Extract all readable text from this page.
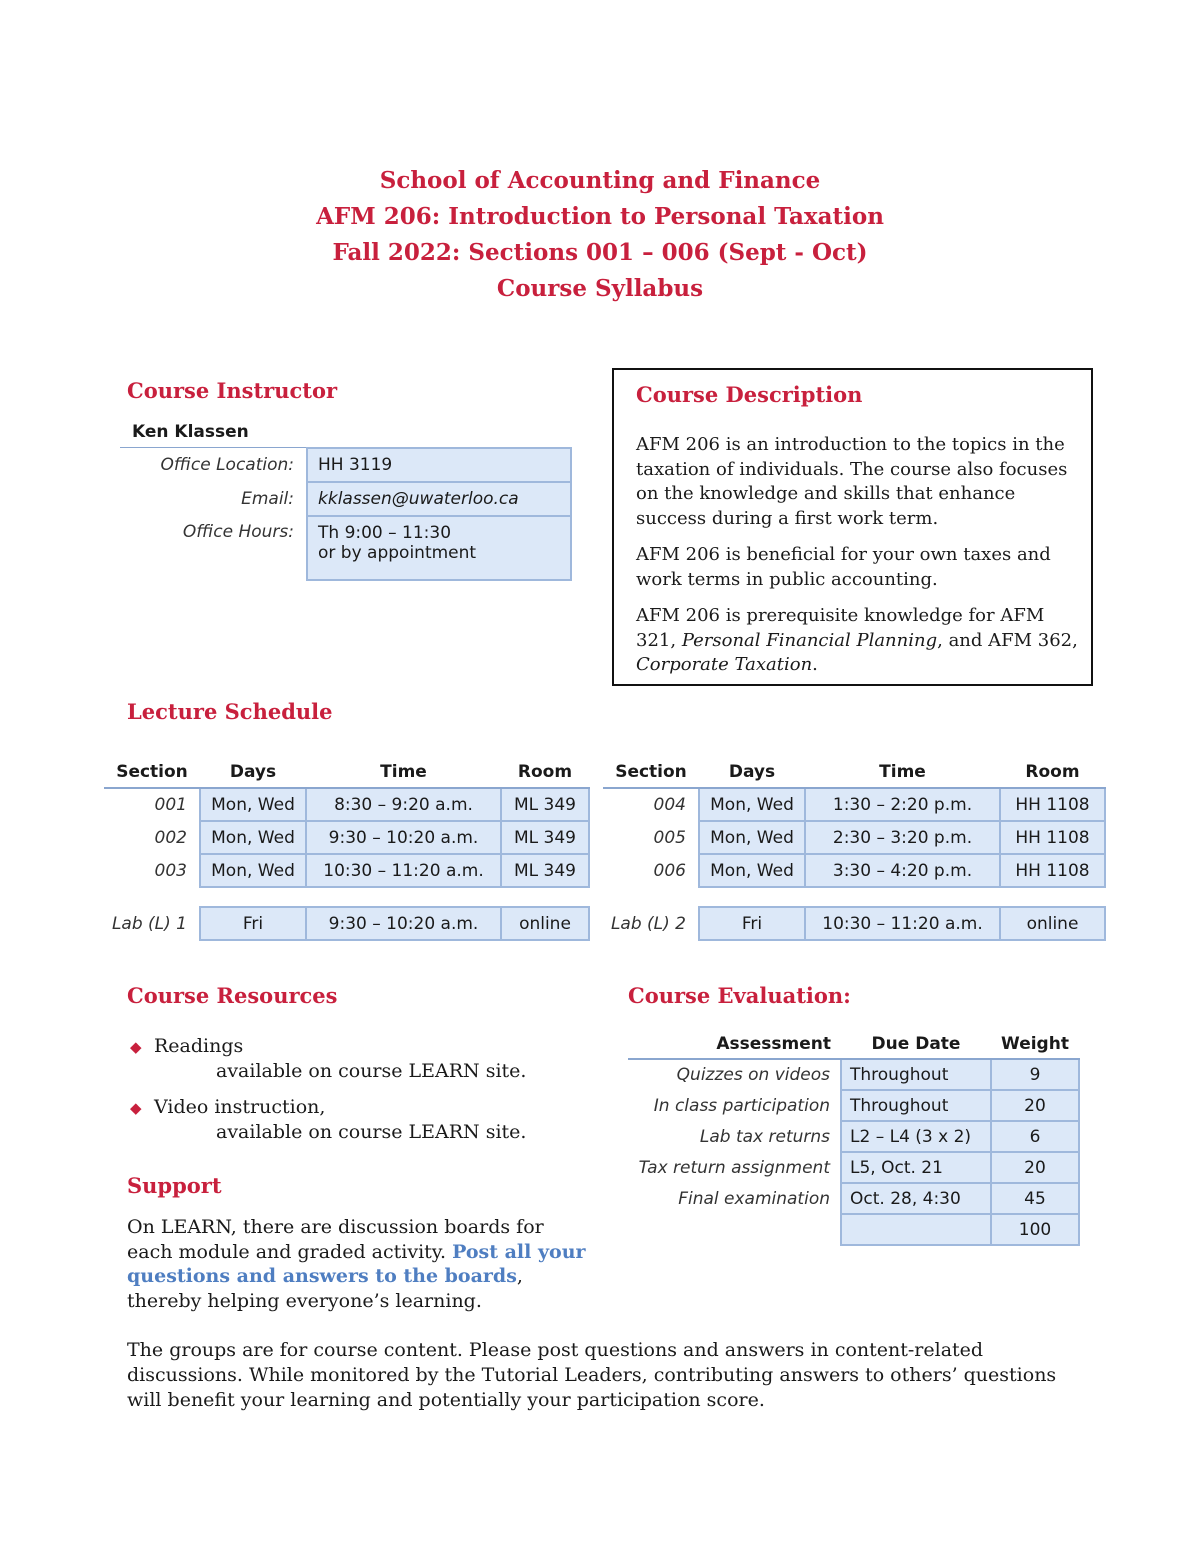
School of Accounting and Finance
AFM 206: Introduction to Personal Taxation
Fall 2022: Sections 001 – 006 (Sept - Oct)
Course Syllabus
Course Instructor
Ken Klassen
Office Location:	HH 3119
Email:	kklassen@uwaterloo.ca
Office Hours:	Th 9:00 – 11:30
or by appointment
Course Description
AFM 206 is an introduction to the topics in the taxation of individuals. The course also focuses on the knowledge and skills that enhance success during a first work term.
AFM 206 is beneficial for your own taxes and work terms in public accounting.
AFM 206 is prerequisite knowledge for AFM 321, Personal Financial Planning, and AFM 362, Corporate Taxation.
Lecture Schedule
Section	Days	Time	Room
001	Mon, Wed	8:30 – 9:20 a.m.	ML 349
002	Mon, Wed	9:30 – 10:20 a.m.	ML 349
003	Mon, Wed	10:30 – 11:20 a.m.	ML 349

Lab (L) 1	Fri	9:30 – 10:20 a.m.	online
Section	Days	Time	Room
004	Mon, Wed	1:30 – 2:20 p.m.	HH 1108
005	Mon, Wed	2:30 – 3:20 p.m.	HH 1108
006	Mon, Wed	3:30 – 4:20 p.m.	HH 1108

Lab (L) 2	Fri	10:30 – 11:20 a.m.	online
Course Resources
◆ Readings
available on course LEARN site.
◆ Video instruction,
available on course LEARN site.
Support
On LEARN, there are discussion boards for each module and graded activity. Post all your questions and answers to the boards, thereby helping everyone’s learning.
Course Evaluation:
Assessment	Due Date	Weight
Quizzes on videos	Throughout	9
In class participation	Throughout	20
Lab tax returns	L2 – L4 (3 x 2)	6
Tax return assignment	L5, Oct. 21	20
Final examination	Oct. 28, 4:30	45
		100
The groups are for course content. Please post questions and answers in content-related discussions. While monitored by the Tutorial Leaders, contributing answers to others’ questions will benefit your learning and potentially your participation score.
